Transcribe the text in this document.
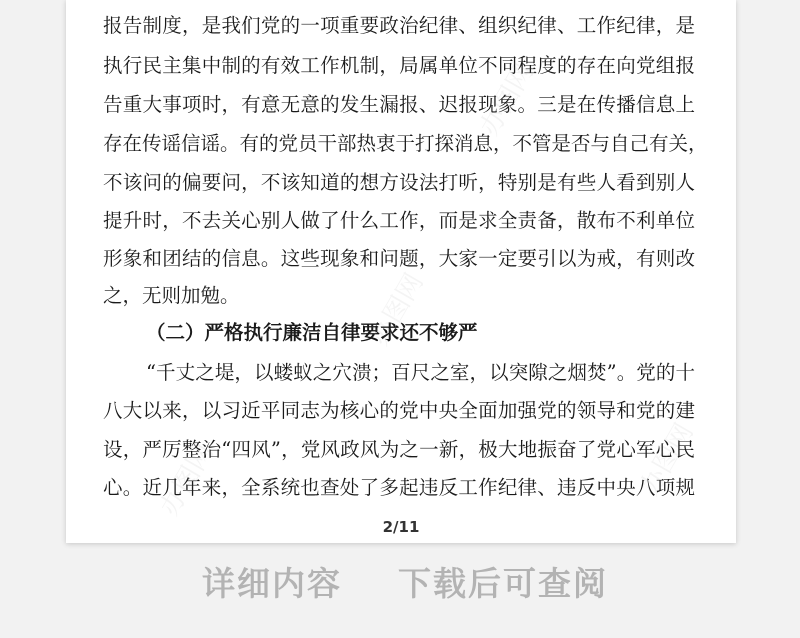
报告制度，是我们党的一项重要政治纪律、组织纪律、工作纪律，是
执行民主集中制的有效工作机制，局属单位不同程度的存在向党组报
告重大事项时，有意无意的发生漏报、迟报现象。三是在传播信息上
存在传谣信谣。有的党员干部热衷于打探消息，不管是否与自己有关，
不该问的偏要问，不该知道的想方设法打听，特别是有些人看到别人
提升时，不去关心别人做了什么工作，而是求全责备，散布不利单位
形象和团结的信息。这些现象和问题，大家一定要引以为戒，有则改
之，无则加勉。
（二）严格执行廉洁自律要求还不够严
“千丈之堤，以蝼蚁之穴溃；百尺之室，以突隙之烟焚”。党的十
八大以来，以习近平同志为核心的党中央全面加强党的领导和党的建
设，严厉整治“四风”，党风政风为之一新，极大地振奋了党心军心民
心。近几年来，全系统也查处了多起违反工作纪律、违反中央八项规
2/11
办图网
办图网
办图网	办图网
详细内容 下载后可查阅
